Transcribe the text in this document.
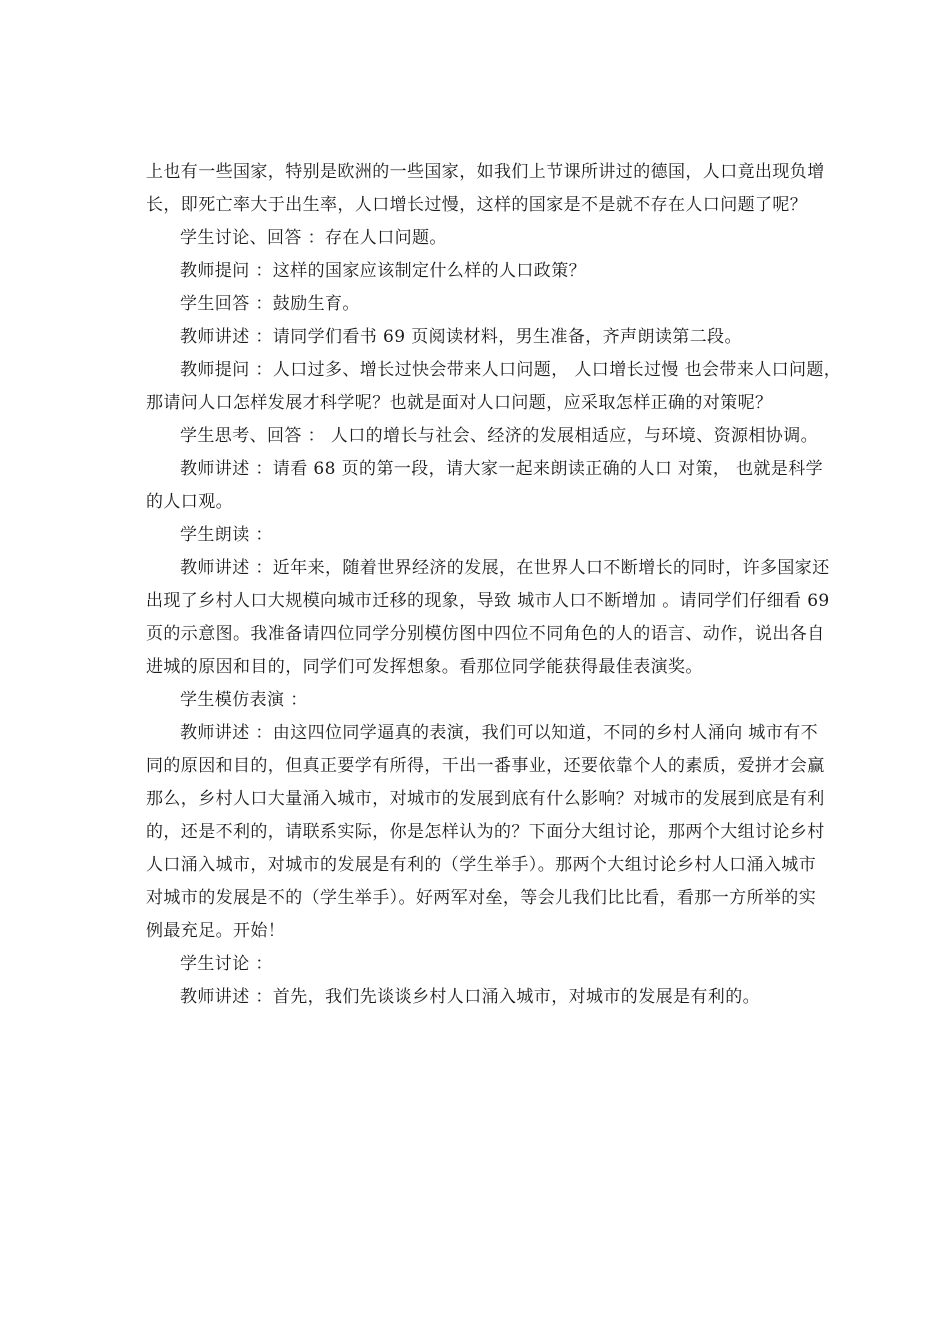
上也有一些国家，特别是欧洲的一些国家，如我们上节课所讲过的德国，人口竟出现负增
长，即死亡率大于出生率，人口增长过慢，这样的国家是不是就不存在人口问题了呢？
学生讨论、回答 ：存在人口问题。
教师提问 ：这样的国家应该制定什么样的人口政策？
学生回答 ：鼓励生育。
教师讲述 ：请同学们看书 69 页阅读材料，男生准备，齐声朗读第二段。
教师提问 ：人口过多、增长过快会带来人口问题， 人口增长过慢 也会带来人口问题，
那请问人口怎样发展才科学呢？也就是面对人口问题，应采取怎样正确的对策呢？
学生思考、回答 ： 人口的增长与社会、经济的发展相适应，与环境、资源相协调。
教师讲述 ：请看 68 页的第一段，请大家一起来朗读正确的人口 对策， 也就是科学
的人口观。
学生朗读 ：
教师讲述 ：近年来，随着世界经济的发展，在世界人口不断增长的同时，许多国家还
出现了乡村人口大规模向城市迁移的现象，导致 城市人口不断增加 。请同学们仔细看 69
页的示意图。我准备请四位同学分别模仿图中四位不同角色的人的语言、动作，说出各自
进城的原因和目的，同学们可发挥想象。看那位同学能获得最佳表演奖。
学生模仿表演 ：
教师讲述 ：由这四位同学逼真的表演，我们可以知道，不同的乡村人涌向 城市有不
同的原因和目的，但真正要学有所得，干出一番事业，还要依靠个人的素质，爱拼才会赢
那么，乡村人口大量涌入城市，对城市的发展到底有什么影响？对城市的发展到底是有利
的，还是不利的，请联系实际，你是怎样认为的？下面分大组讨论，那两个大组讨论乡村
人口涌入城市，对城市的发展是有利的（学生举手）。那两个大组讨论乡村人口涌入城市
对城市的发展是不的（学生举手）。好两军对垒，等会儿我们比比看，看那一方所举的实
例最充足。开始！
学生讨论 ：
教师讲述 ：首先，我们先谈谈乡村人口涌入城市，对城市的发展是有利的。
